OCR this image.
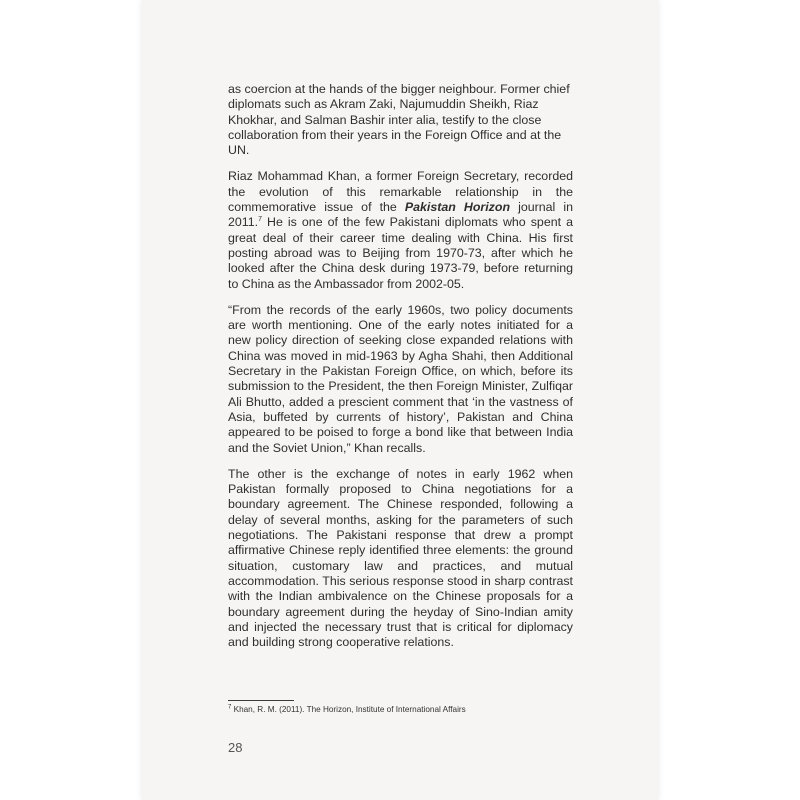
as coercion at the hands of the bigger neighbour. Former chief diplomats such as Akram Zaki, Najumuddin Sheikh, Riaz Khokhar, and Salman Bashir inter alia, testify to the close collaboration from their years in the Foreign Office and at the UN.

Riaz Mohammad Khan, a former Foreign Secretary, recorded the evolution of this remarkable relationship in the commemorative issue of the Pakistan Horizon journal in 2011.$^7$ He is one of the few Pakistani diplomats who spent a great deal of their career time dealing with China. His first posting abroad was to Beijing from 1970-73, after which he looked after the China desk during 1973-79, before returning to China as the Ambassador from 2002-05.

“From the records of the early 1960s, two policy documents are worth mentioning. One of the early notes initiated for a new policy direction of seeking close expanded relations with China was moved in mid-1963 by Agha Shahi, then Additional Secretary in the Pakistan Foreign Office, on which, before its submission to the President, the then Foreign Minister, Zulfiqar Ali Bhutto, added a prescient comment that ‘in the vastness of Asia, buffeted by currents of history’, Pakistan and China appeared to be poised to forge a bond like that between India and the Soviet Union,” Khan recalls.

The other is the exchange of notes in early 1962 when Pakistan formally proposed to China negotiations for a boundary agreement. The Chinese responded, following a delay of several months, asking for the parameters of such negotiations. The Pakistani response that drew a prompt affirmative Chinese reply identified three elements: the ground situation, customary law and practices, and mutual accommodation. This serious response stood in sharp contrast with the Indian ambivalence on the Chinese proposals for a boundary agreement during the heyday of Sino-Indian amity and injected the necessary trust that is critical for diplomacy and building strong cooperative relations.

$^7$ Khan, R. M. (2011). The Horizon, Institute of International Affairs
28
